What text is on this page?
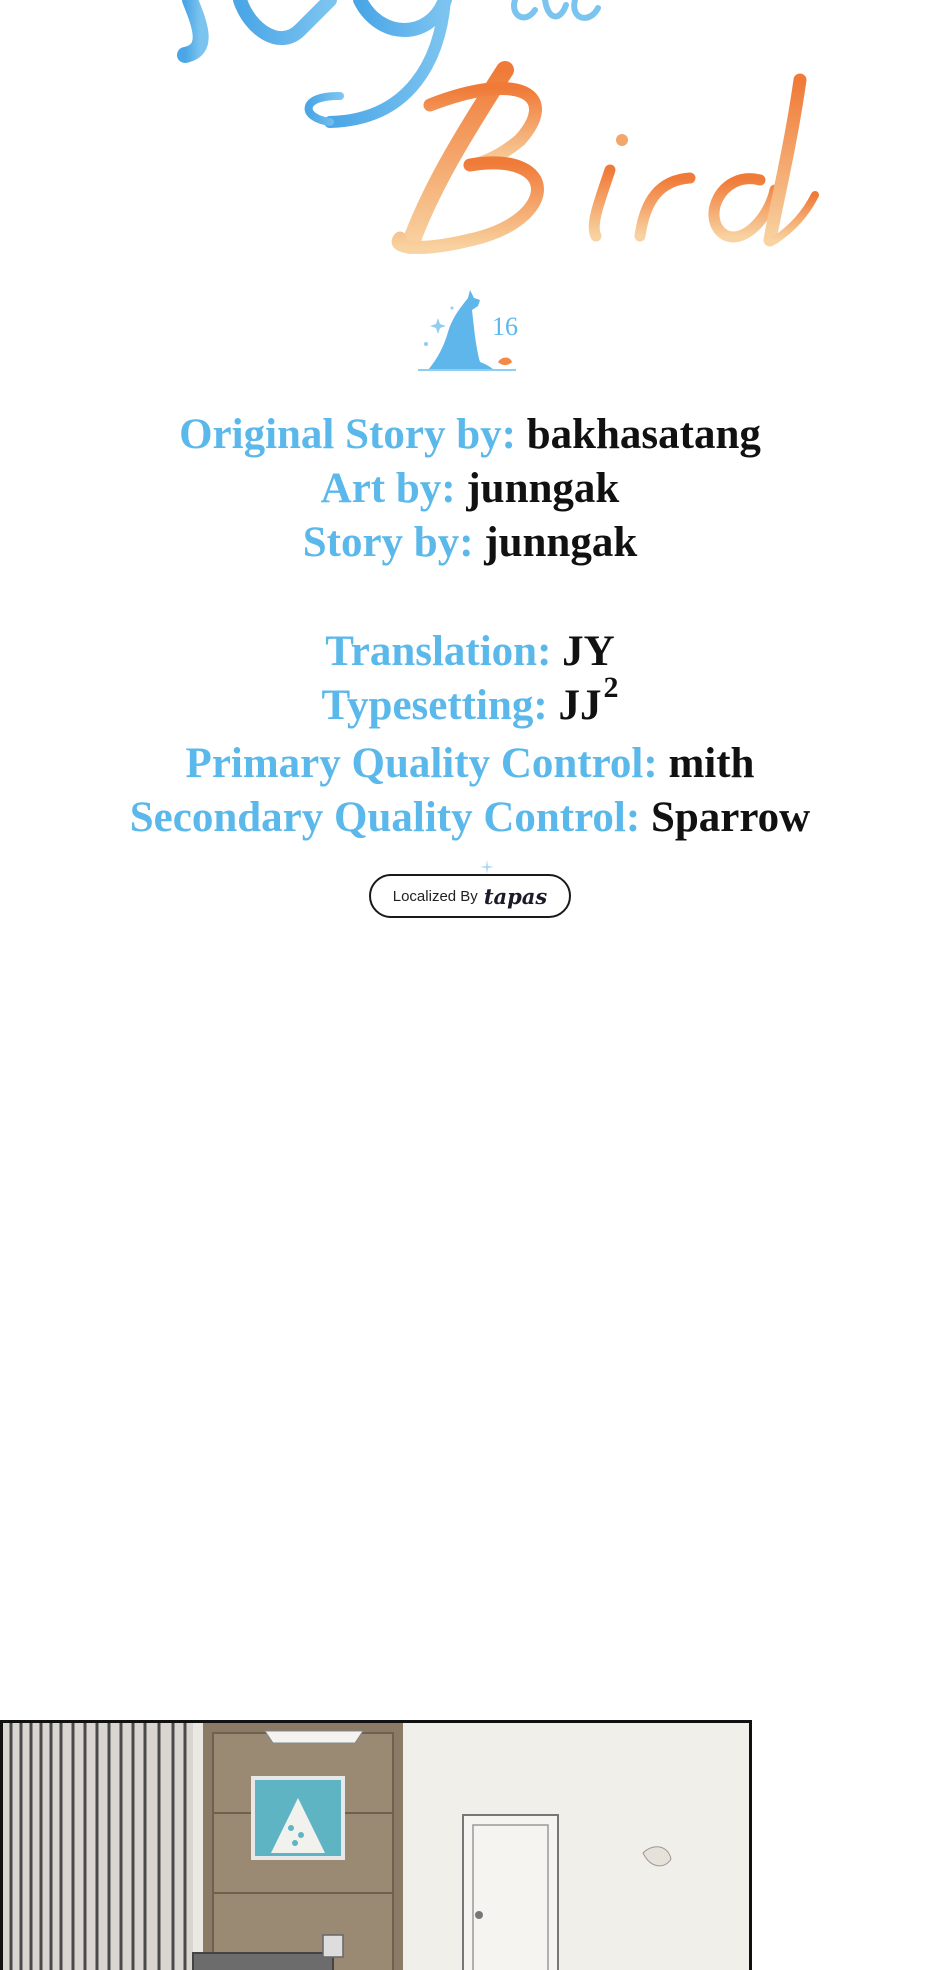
16
Original Story by: bakhasatang
Art by: junngak
Story by: junngak
Translation: JY
Typesetting: $JJ^2$
Primary Quality Control: mith
Secondary Quality Control: Sparrow
Localized By tapas
